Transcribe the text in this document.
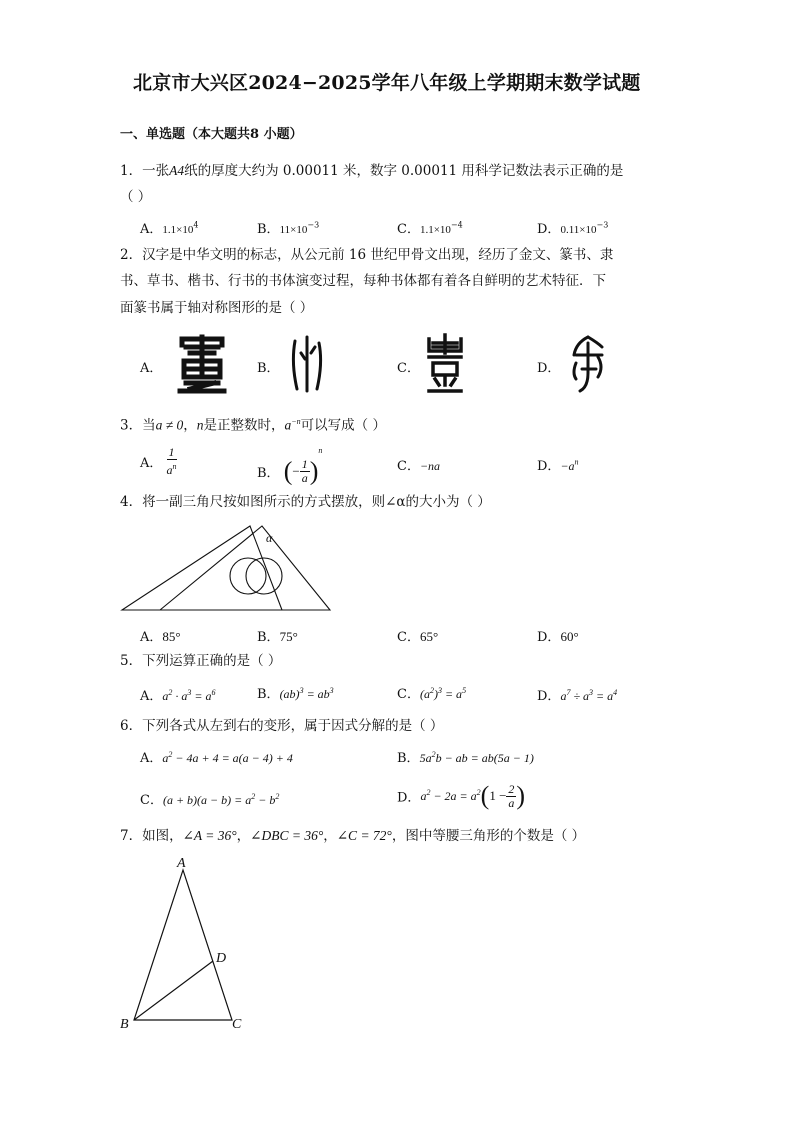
北京市大兴区2024−2025学年八年级上学期期末数学试题
一、单选题（本大题共8 小题）
1．一张A4纸的厚度大约为 0.00011 米，数字 0.00011 用科学记数法表示正确的是
（ ）
A．$1.1\times 10^4$	B．$11\times 10^{-3}$	C．$1.1\times 10^{-4}$	D．$0.11\times 10^{-3}$
2．汉字是中华文明的标志，从公元前 16 世纪甲骨文出现，经历了金文、篆书、隶
书、草书、楷书、行书的书体演变过程，每种书体都有着各自鲜明的艺术特征．下
面篆书属于轴对称图形的是（ ）
A．	B．	C．	D．
3．当a ≠ 0，n是正整数时，$a^{-n}$可以写成（ ）
A． $\frac{1}{a^n}$	B． (− $\frac{1}{a} )^n$
C．−na	D．$-a^n$
4．将一副三角尺按如图所示的方式摆放，则∠α的大小为（ ）
α
A．85°	B．75°	C．65°	D．60°
5．下列运算正确的是（ ）
A．$a^2 \cdot a^3 = a^6$	B．$(ab)^3 = ab^3$	C．$(a^2)^3 = a^5$	D．$a^7 \div a^3 = a^4$
6．下列各式从左到右的变形，属于因式分解的是（ ）
A．$a^2 - 4a + 4 = a(a - 4) + 4$	B．$5a^2b$ − ab = ab(5a − 1)
C．$(a + b)(a - b) = a^2 - b^2$	D．$a^2 - 2a = a^2(1 - \frac{2}{a}$ )
7．如图，∠A = 36°，∠DBC = 36°，∠C = 72°，图中等腰三角形的个数是（ ）
A
B	C
D
